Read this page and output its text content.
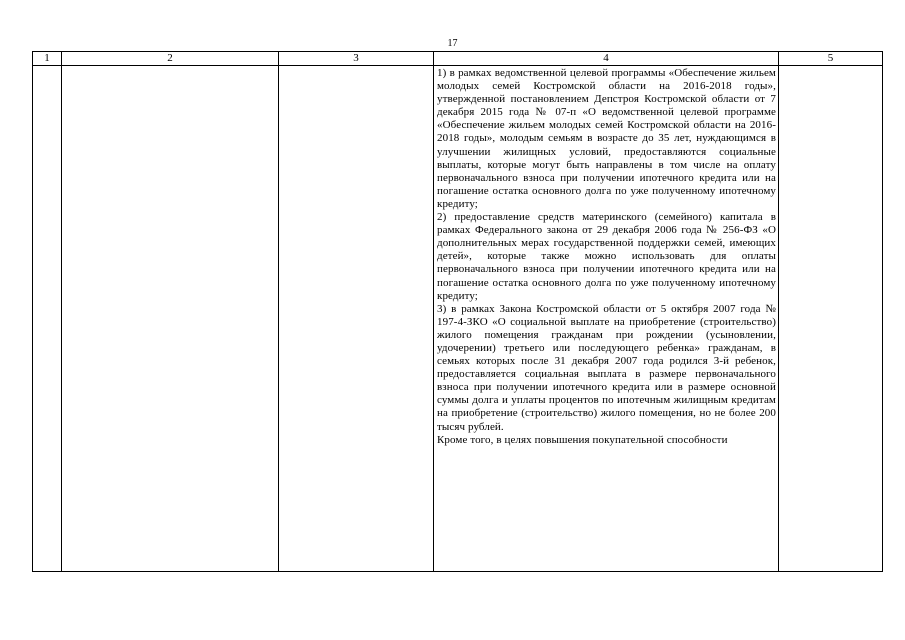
17
1	2	3	4	5

			1) в рамках ведомственной целевой программы «Обеспечение жильем молодых семей Костромской области на 2016-2018 годы», утвержденной постановлением Депстроя Костромской области от 7 декабря 2015 года № 07-п «О ведомственной целевой программе «Обеспечение жильем молодых семей Костромской области на 2016-2018 годы», молодым семьям в возрасте до 35 лет, нуждающимся в улучшении жилищных условий, предоставляются социальные выплаты, которые могут быть направлены в том числе на оплату первоначального взноса при получении ипотечного кредита или на погашение остатка основного долга по уже полученному ипотечному кредиту;

2) предоставление средств материнского (семейного) капитала в рамках Федерального закона от 29 декабря 2006 года № 256-ФЗ «О дополнительных мерах государственной поддержки семей, имеющих детей», которые также можно использовать для оплаты первоначального взноса при получении ипотечного кредита или на погашение остатка основного долга по уже полученному ипотечному кредиту;

3) в рамках Закона Костромской области от 5 октября 2007 года № 197-4-ЗКО «О социальной выплате на приобретение (строительство) жилого помещения гражданам при рождении (усыновлении, удочерении) третьего или последующего ребенка» гражданам, в семьях которых после 31 декабря 2007 года родился 3-й ребенок, предоставляется социальная выплата в размере первоначального взноса при получении ипотечного кредита или в размере основной суммы долга и уплаты процентов по ипотечным жилищным кредитам на приобретение (строительство) жилого помещения, но не более 200 тысяч рублей.

Кроме того, в целях повышения покупательной способности	
